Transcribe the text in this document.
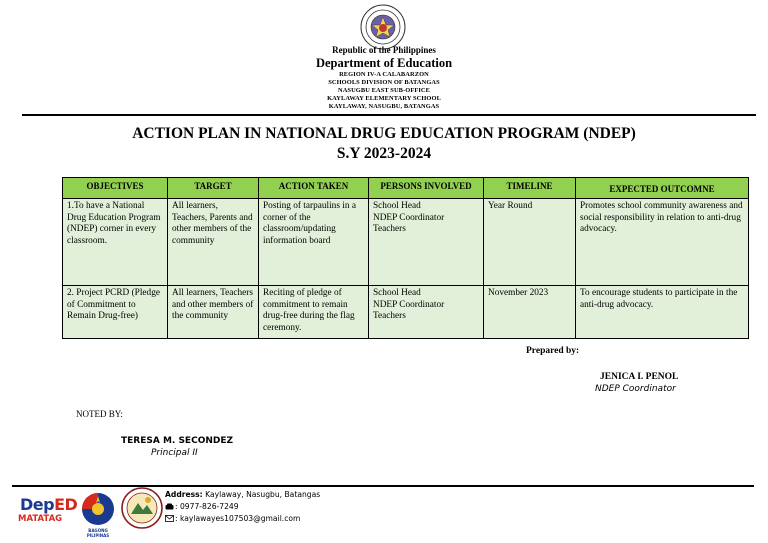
Republic of the Philippines
Department of Education
REGION IV-A CALABARZON
SCHOOLS DIVISION OF BATANGAS
NASUGBU EAST SUB-OFFICE
KAYLAWAY ELEMENTARY SCHOOL
KAYLAWAY, NASUGBU, BATANGAS
ACTION PLAN IN NATIONAL DRUG EDUCATION PROGRAM (NDEP)
S.Y 2023-2024
OBJECTIVES	TARGET	ACTION TAKEN	PERSONS INVOLVED	TIMELINE	EXPECTED OUTCOMNE
1.To have a National Drug Education Program (NDEP) corner in every classroom.	All learners, Teachers, Parents and other members of the community	Posting of tarpaulins in a corner of the classroom/updating information board	School Head
NDEP Coordinator
Teachers	Year Round	Promotes school community awareness and social responsibility in relation to anti-drug advocacy.
2. Project PCRD (Pledge of Commitment to Remain Drug-free)	All learners, Teachers and other members of the community	Reciting of pledge of commitment to remain drug-free during the flag ceremony.	School Head
NDEP Coordinator
Teachers	November 2023	To encourage students to participate in the anti-drug advocacy.
Prepared by:
JENICA I. PENOL
NDEP Coordinator
NOTED BY:
TERESA M. SECONDEZ
Principal II
DepED
MATATAG
BAGONG PILIPINAS
Address: Kaylaway, Nasugbu, Batangas
: 0977-826-7249
: kaylawayes107503@gmail.com
